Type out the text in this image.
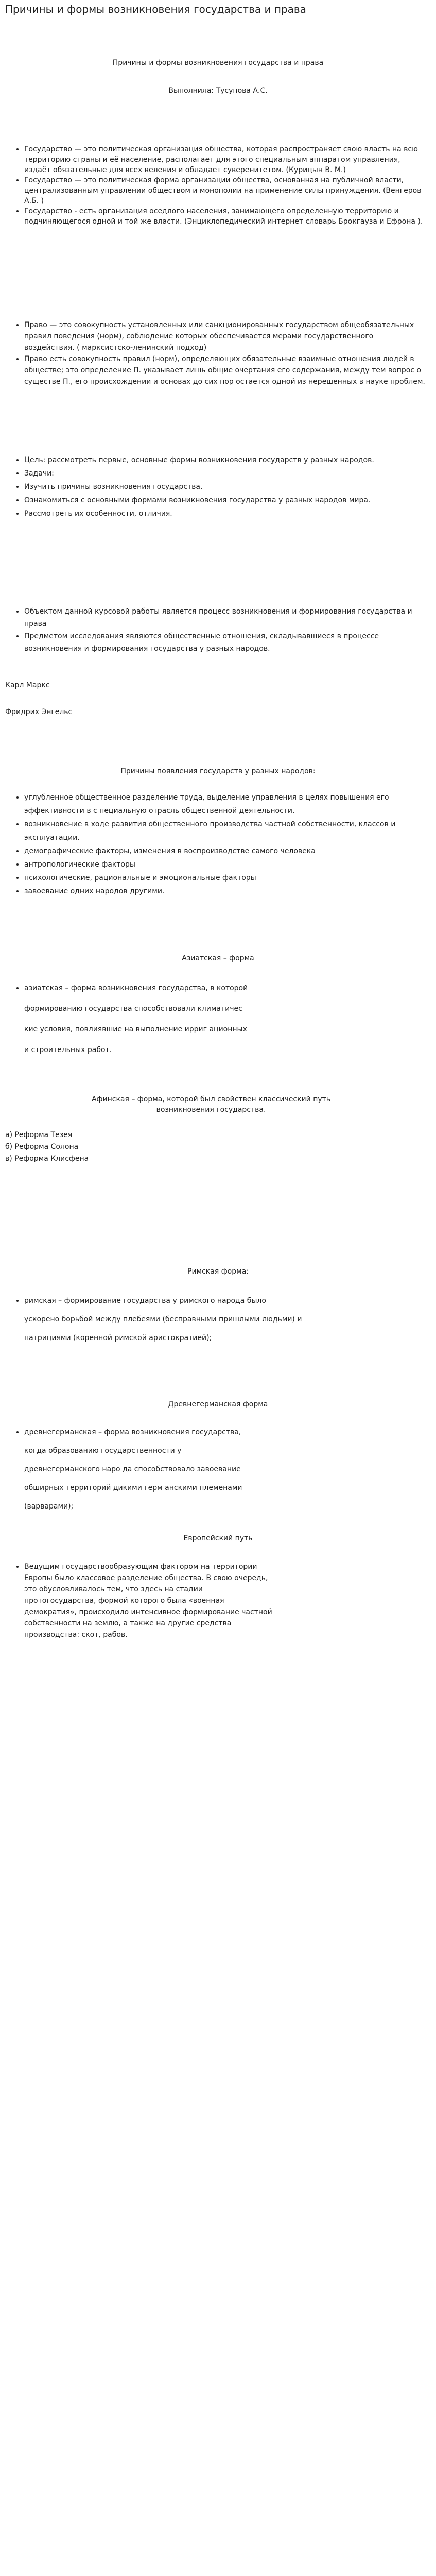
Причины и формы возникновения государства и права
Причины и формы возникновения государства и права
Выполнила: Тусупова А.С.
• Государство — это политическая организация общества, которая распространяет свою власть на всю территорию страны и её население, располагает для этого специальным аппаратом управления, издаёт обязательные для всех веления и обладает суверенитетом. (Курицын В. М.)
• Государство — это политическая форма организации общества, основанная на публичной власти, централизованным управлении обществом и монополии на применение силы принуждения. (Венгеров А.Б. )
• Государство - есть организация оседлого населения, занимающего определенную территорию и подчиняющегося одной и той же власти. (Энциклопедический интернет словарь Брокгауза и Ефрона ).
• Право — это совокупность установленных или санкционированных государством общеобязательных правил поведения (норм), соблюдение которых обеспечивается мерами государственного воздействия. ( марксистско-ленинский подход)
• Право есть совокупность правил (норм), определяющих обязательные взаимные отношения людей в обществе; это определение П. указывает лишь общие очертания его содержания, между тем вопрос о существе П., его происхождении и основах до сих пор остается одной из нерешенных в науке проблем.
• Цель: рассмотреть первые, основные формы возникновения государств у разных народов.
• Задачи:
• Изучить причины возникновения государства.
• Ознакомиться с основными формами возникновения государства у разных народов мира.
• Рассмотреть их особенности, отличия.
• Объектом данной курсовой работы является процесс возникновения и формирования государства и права
• Предметом исследования являются общественные отношения, складывавшиеся в процессе возникновения и формирования государства у разных народов.
Карл Маркс
Фридрих Энгельс
Причины появления государств у разных народов:
• углубленное общественное разделение труда, выделение управления в целях повышения его эффективности в с пециальную отрасль общественной деятельности.
• возникновение в ходе развития общественного производства частной собственности, классов и эксплуатации.
• демографические факторы, изменения в воспроизводстве самого человека
• антропологические факторы
• психологические, рациональные и эмоциональные факторы
• завоевание одних народов другими.
Азиатская – форма
• азиатская – форма возникновения государства, в которой формированию государства способствовали климатичес кие условия, повлиявшие на выполнение ирриг ационных и строительных работ.
Афинская – форма, которой был свойствен классический путь возникновения государства.
а) Реформа Тезея
б) Реформа Солона
в) Реформа Клисфена
Римская форма:
• римская – формирование государства у римского народа было ускорено борьбой между плебеями (бесправными пришлыми людьми) и патрициями (коренной римской аристократией);
Древнегерманская форма
• древнегерманская – форма возникновения государства, когда образованию государственности у древнегерманского наро да способствовало завоевание обширных территорий дикими герм анскими племенами (варварами);
Европейский путь
• Ведущим государствообразующим фактором на территории Европы было классовое разделение общества. В свою очередь, это обусловливалось тем, что здесь на стадии протогосударства, формой которого была «военная демократия», происходило интенсивное формирование частной собственности на землю, а также на другие средства производства: скот, рабов.
